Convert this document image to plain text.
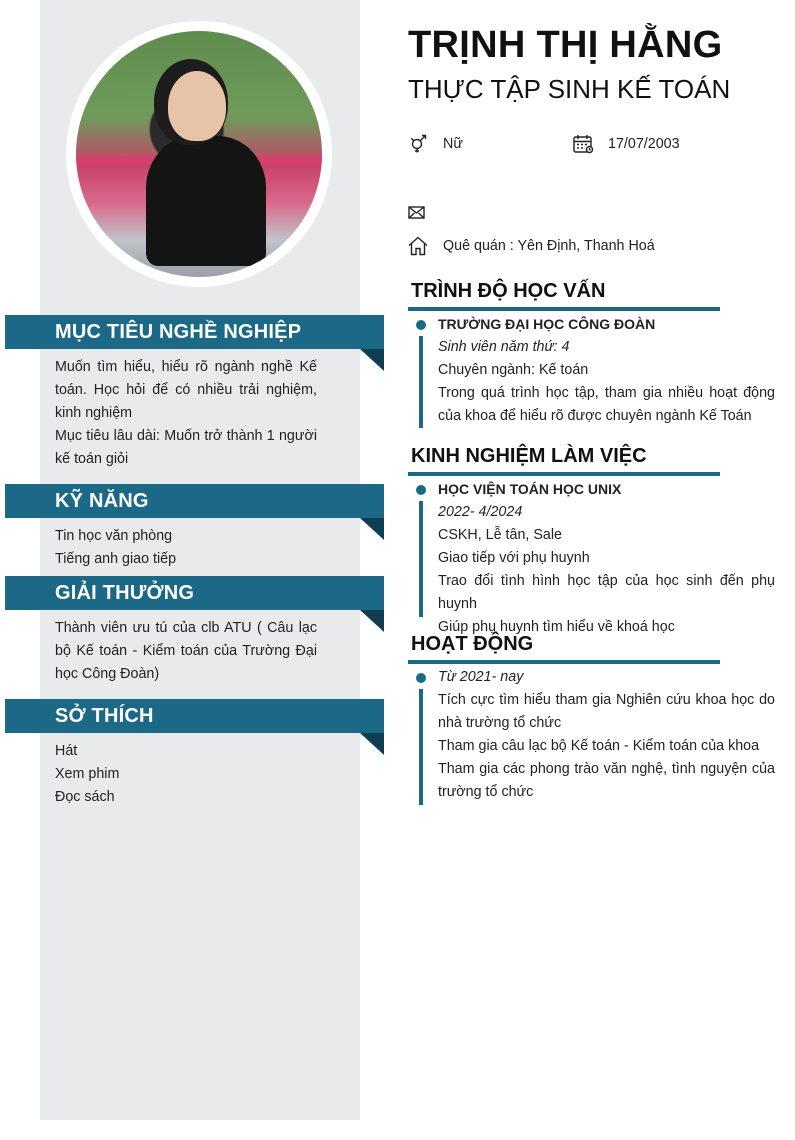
MỤC TIÊU NGHỀ NGHIỆP

Muốn tìm hiểu, hiểu rõ ngành nghề Kế toán. Học hỏi để có nhiều trải nghiệm, kinh nghiệm

Mục tiêu lâu dài: Muốn trở thành 1 người kế toán giỏi

KỸ NĂNG

Tin học văn phòng

Tiếng anh giao tiếp

GIẢI THƯỞNG

Thành viên ưu tú của clb ATU ( Câu lạc bộ Kế toán - Kiểm toán của Trường Đại học Công Đoàn)

SỞ THÍCH

Hát

Xem phim

Đọc sách

TRỊNH THỊ HẰNG
THỰC TẬP SINH KẾ TOÁN
Nữ	17/07/2003
Quê quán : Yên Định, Thanh Hoá
TRÌNH ĐỘ HỌC VẤN

TRƯỜNG ĐẠI HỌC CÔNG ĐOÀN

Sinh viên năm thứ: 4

Chuyên ngành: Kế toán

Trong quá trình học tập, tham gia nhiều hoạt động của khoa để hiểu rõ được chuyên ngành Kế Toán

KINH NGHIỆM LÀM VIỆC

HỌC VIỆN TOÁN HỌC UNIX

2022- 4/2024

CSKH, Lễ tân, Sale

Giao tiếp với phụ huynh

Trao đổi tình hình học tập của học sinh đến phụ huynh

Giúp phụ huynh tìm hiểu về khoá học

HOẠT ĐỘNG

Từ 2021- nay

Tích cực tìm hiểu tham gia Nghiên cứu khoa học do nhà trường tổ chức

Tham gia câu lạc bộ Kế toán - Kiểm toán của khoa

Tham gia các phong trào văn nghệ, tình nguyện của trường tổ chức
